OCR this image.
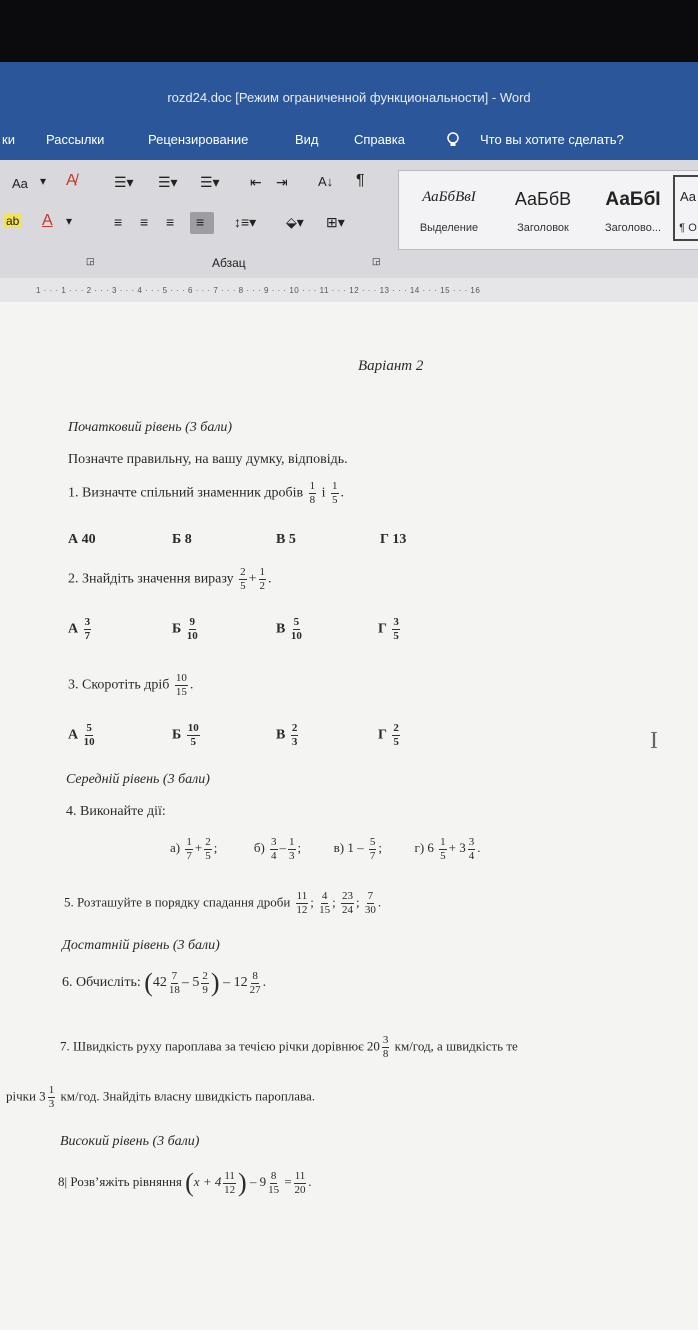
rozd24.doc [Режим ограниченной функциональности] - Word
ки Рассылки	Рецензирование	Вид	Справка	Что вы хотите сделать?
Aa ▾ A̸
ab A ▾
☰▾ ☰▾ ☰▾ ⇤ ⇥ A↓ ¶
≡ ≡ ≡ ≡ ↕≡▾ ⬙▾ ⊞▾
◲	Абзац	◲
АаБбВвІ
Выделение
АаБбВ
Заголовок
АаБбІ
Заголово...
Аа
¶ О
1 · · · 1 · · · 2 · · · 3 · · · 4 · · · 5 · · · 6 · · · 7 · · · 8 · · · 9 · · · 10 · · · 11 · · · 12 · · · 13 · · · 14 · · · 15 · · · 16
Варіант 2
Початковий рівень (3 бали)
Позначте правильну, на вашу думку, відповідь.
1. Визначте спільний знаменник дробів $\frac{1}{8}$ і $\frac{1}{5}$ .
А 40	Б 8	В 5	Г 13
2. Знайдіть значення виразу $\frac{2}{5} + \frac{1}{2}$ .
А $\frac{3}{7}$	Б $\frac{9}{10}$	В $\frac{5}{10}$	Г $\frac{3}{5}$
3. Скоротіть дріб $\frac{10}{15}$ .
А $\frac{5}{10}$	Б $\frac{10}{5}$	В $\frac{2}{3}$	Г $\frac{2}{5}$	I
Середній рівень (3 бали)
4. Виконайте дії:
$а) \frac{1}{7} + \frac{2}{5}$ ;	$б) \frac{3}{4} - \frac{1}{3}$ ;	в) $1 - \frac{5}{7}$ ;	г) $6 \frac{1}{5} + 3 \frac{3}{4}$ .
5. Розташуйте в порядку спадання дроби $\frac{11}{12}$ ; $\frac{4}{15}$ ; $\frac{23}{24}$ ; $\frac{7}{30}$ .
Достатній рівень (3 бали)
6. Обчисліть: ($42 \frac{7}{18} - 5 \frac{2}{9}$ ) – $12 \frac{8}{27}$ .
7. Швидкість руху пароплава за течією річки дорівнює $20 \frac{3}{8} км/год$, а швидкість те
річки $3 \frac{1}{3} км/год$. Знайдіть власну швидкість пароплава.
Високий рівень (3 бали)
8| Розв’яжіть рівняння ($x + 4 \frac{11}{12}$ ) – $9 \frac{8}{15} = \frac{11}{20}$ .
